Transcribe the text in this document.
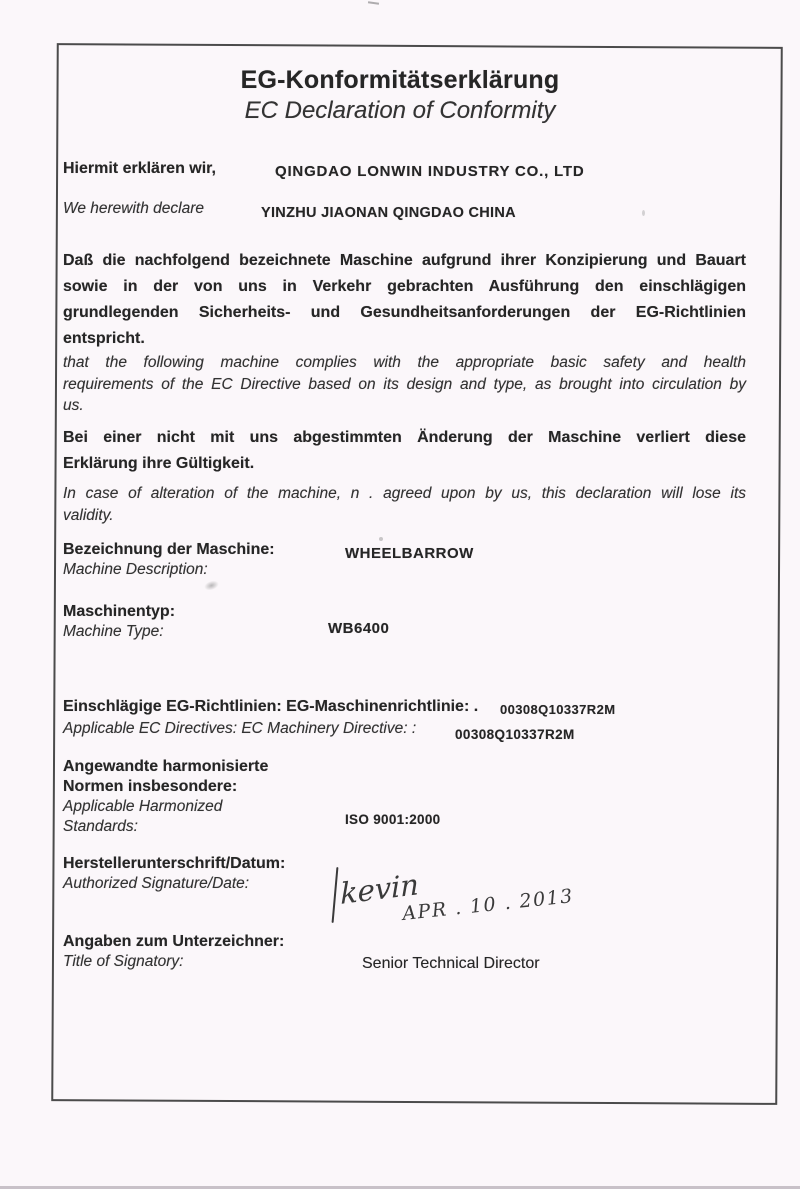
EG-Konformitätserklärung
EC Declaration of Conformity
Hiermit erklären wir,	QINGDAO LONWIN INDUSTRY CO., LTD
We herewith declare	YINZHU JIAONAN QINGDAO CHINA
Daß die nachfolgend bezeichnete Maschine aufgrund ihrer Konzipierung und Bauart
sowie in der von uns in Verkehr gebrachten Ausführung den einschlägigen
grundlegenden Sicherheits- und Gesundheitsanforderungen der EG-Richtlinien
entspricht.
that the following machine complies with the appropriate basic safety and health
requirements of the EC Directive based on its design and type, as brought into circulation by
us.
Bei einer nicht mit uns abgestimmten Änderung der Maschine verliert diese
Erklärung ihre Gültigkeit.
In case of alteration of the machine, n . agreed upon by us, this declaration will lose its
validity.
Bezeichnung der Maschine:
Machine Description:
WHEELBARROW
Maschinentyp:
Machine Type:	WB6400
Einschlägige EG-Richtlinien: EG-Maschinenrichtlinie: . 00308Q10337R2M
Applicable EC Directives: EC Machinery Directive: :	00308Q10337R2M
Angewandte harmonisierte
Normen insbesondere:
Applicable Harmonized
Standards:	ISO 9001:2000
Herstellerunterschrift/Datum:
Authorized Signature/Date:	kevin
APR . 10 . 2013
Angaben zum Unterzeichner:
Title of Signatory:	Senior Technical Director
